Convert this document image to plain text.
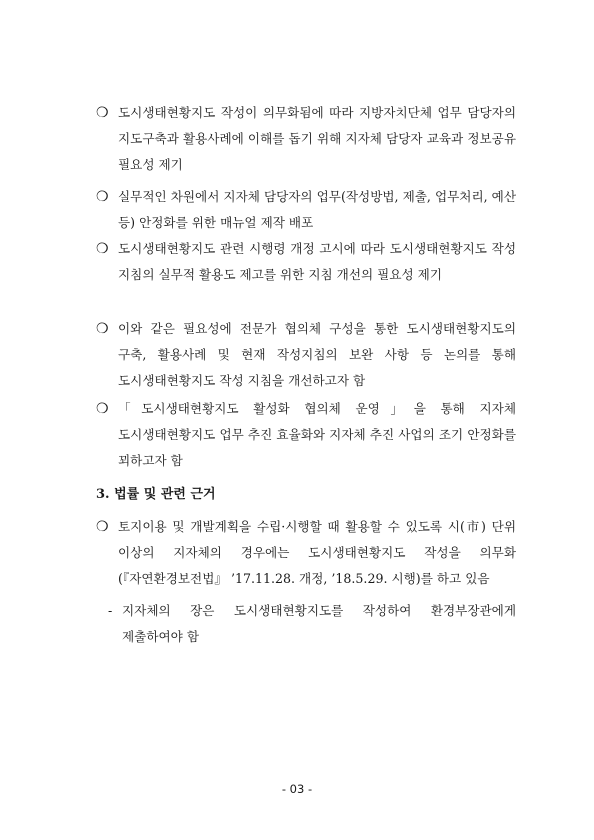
❍ 도시생태현황지도 작성이 의무화됨에 따라 지방자치단체 업무 담당자의 지도구축과 활용사례에 이해를 돕기 위해 지자체 담당자 교육과 정보공유 필요성 제기
❍ 실무적인 차원에서 지자체 담당자의 업무(작성방법, 제출, 업무처리, 예산 등) 안정화를 위한 매뉴얼 제작 배포
❍ 도시생태현황지도 관련 시행령 개정 고시에 따라 도시생태현황지도 작성 지침의 실무적 활용도 제고를 위한 지침 개선의 필요성 제기
❍ 이와 같은 필요성에 전문가 협의체 구성을 통한 도시생태현황지도의 구축, 활용사례 및 현재 작성지침의 보완 사항 등 논의를 통해 도시생태현황지도 작성 지침을 개선하고자 함
❍ 「도시생태현황지도 활성화 협의체 운영」을 통해 지자체 도시생태현황지도 업무 추진 효율화와 지자체 추진 사업의 조기 안정화를 꾀하고자 함
3. 법률 및 관련 근거
❍ 토지이용 및 개발계획을 수립·시행할 때 활용할 수 있도록 시(市) 단위 이상의 지자체의 경우에는 도시생태현황지도 작성을 의무화(『자연환경보전법』 ’17.11.28. 개정, ’18.5.29. 시행)를 하고 있음
- 지자체의 장은 도시생태현황지도를 작성하여 환경부장관에게 제출하여야 함
- 03 -
